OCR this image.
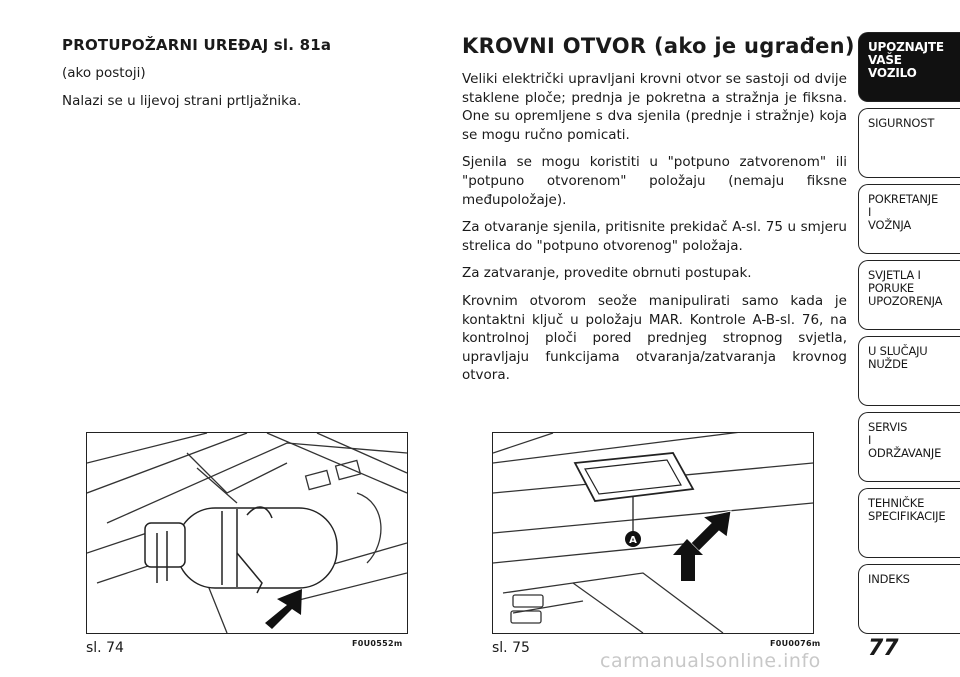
PROTUPOŽARNI UREĐAJ sl. 81a
(ako postoji)
Nalazi se u lijevoj strani prtljažnika.
KROVNI OTVOR (ako je ugrađen)

Veliki električki upravljani krovni otvor se sastoji od dvije staklene ploče; prednja je pokretna a stražnja je fiksna. One su opremljene s dva sjenila (prednje i stražnje) koja se mogu ručno pomicati.

Sjenila se mogu koristiti u "potpuno zatvorenom" ili "potpuno otvorenom" položaju (nemaju fiksne međupoložaje).

Za otvaranje sjenila, pritisnite prekidač A-sl. 75 u smjeru strelica do "potpuno otvorenog" položaja.

Za zatvaranje, provedite obrnuti postupak.

Krovnim otvorom seože manipulirati samo kada je kontaktni ključ u položaju MAR. Kontrole A-B-sl. 76, na kontrolnoj ploči pored prednjeg stropnog svjetla, upravljaju funkcijama otvaranja/zatvaranja krovnog otvora.

sl. 74	F0U0552m
A
sl. 75	F0U0076m
UPOZNAJTE
VAŠE
VOZILO
SIGURNOST
POKRETANJE
I
VOŽNJA
SVJETLA I
PORUKE
UPOZORENJA
U SLUČAJU
NUŽDE
SERVIS
I
ODRŽAVANJE
TEHNIČKE
SPECIFIKACIJE
INDEKS
77
carmanualsonline.info
